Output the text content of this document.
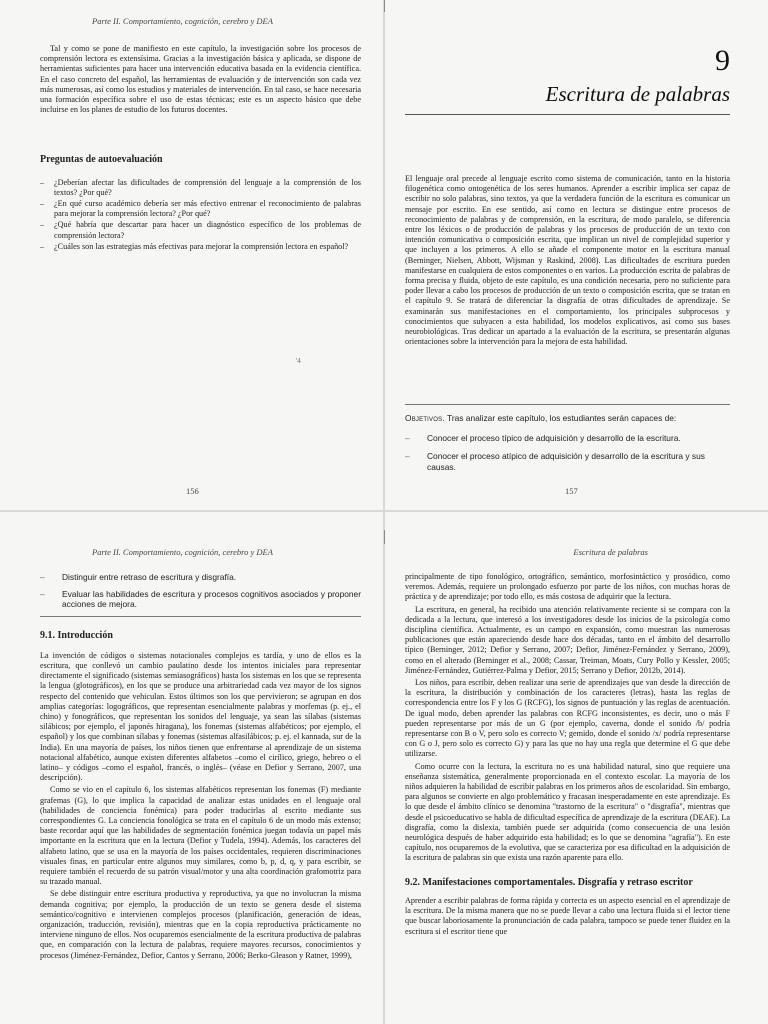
Parte II. Comportamiento, cognición, cerebro y DEA

Tal y como se pone de manifiesto en este capítulo, la investigación sobre los procesos de comprensión lectora es extensísima. Gracias a la investigación básica y aplicada, se dispone de herramientas suficientes para hacer una intervención educativa basada en la evidencia científica. En el caso concreto del español, las herramientas de evaluación y de intervención son cada vez más numerosas, así como los estudios y materiales de intervención. En tal caso, se hace necesaria una formación específica sobre el uso de estas técnicas; este es un aspecto básico que debe incluirse en los planes de estudio de los futuros docentes.

Preguntas de autoevaluación
– ¿Deberían afectar las dificultades de comprensión del lenguaje a la comprensión de los textos? ¿Por qué?
– ¿En qué curso académico debería ser más efectivo entrenar el reconocimiento de palabras para mejorar la comprensión lectora? ¿Por qué?
– ¿Qué habría que descartar para hacer un diagnóstico específico de los problemas de comprensión lectora?
– ¿Cuáles son las estrategias más efectivas para mejorar la comprensión lectora en español?
'4
156
9
Escritura de palabras

El lenguaje oral precede al lenguaje escrito como sistema de comunicación, tanto en la historia filogenética como ontogenética de los seres humanos. Aprender a escribir implica ser capaz de escribir no solo palabras, sino textos, ya que la verdadera función de la escritura es comunicar un mensaje por escrito. En ese sentido, así como en lectura se distingue entre procesos de reconocimiento de palabras y de comprensión, en la escritura, de modo paralelo, se diferencia entre los léxicos o de producción de palabras y los procesos de producción de un texto con intención comunicativa o composición escrita, que implican un nivel de complejidad superior y que incluyen a los primeros. A ello se añade el componente motor en la escritura manual (Berninger, Nielsen, Abbott, Wijsman y Raskind, 2008). Las dificultades de escritura pueden manifestarse en cualquiera de estos componentes o en varios. La producción escrita de palabras de forma precisa y fluida, objeto de este capítulo, es una condición necesaria, pero no suficiente para poder llevar a cabo los procesos de producción de un texto o composición escrita, que se tratan en el capítulo 9. Se tratará de diferenciar la disgrafía de otras dificultades de aprendizaje. Se examinarán sus manifestaciones en el comportamiento, los principales subprocesos y conocimientos que subyacen a esta habilidad, los modelos explicativos, así como sus bases neurobiológicas. Tras dedicar un apartado a la evaluación de la escritura, se presentarán algunas orientaciones sobre la intervención para la mejora de esta habilidad.

Objetivos. Tras analizar este capítulo, los estudiantes serán capaces de:
– Conocer el proceso típico de adquisición y desarrollo de la escritura.
– Conocer el proceso atípico de adquisición y desarrollo de la escritura y sus causas.
157
Parte II. Comportamiento, cognición, cerebro y DEA
– Distinguir entre retraso de escritura y disgrafía.
– Evaluar las habilidades de escritura y procesos cognitivos asociados y proponer acciones de mejora.
9.1. Introducción

La invención de códigos o sistemas notacionales complejos es tardía, y uno de ellos es la escritura, que conllevó un cambio paulatino desde los intentos iniciales para representar directamente el significado (sistemas semiasográficos) hasta los sistemas en los que se representa la lengua (glotográficos), en los que se produce una arbitrariedad cada vez mayor de los signos respecto del contenido que vehiculan. Estos últimos son los que pervivieron; se agrupan en dos amplias categorías: logográficos, que representan esencialmente palabras y morfemas (p. ej., el chino) y fonográficos, que representan los sonidos del lenguaje, ya sean las sílabas (sistemas silábicos; por ejemplo, el japonés hiragana), los fonemas (sistemas alfabéticos; por ejemplo, el español) y los que combinan sílabas y fonemas (sistemas alfasilábicos; p. ej. el kannada, sur de la India). En una mayoría de países, los niños tienen que enfrentarse al aprendizaje de un sistema notacional alfabético, aunque existen diferentes alfabetos –como el cirílico, griego, hebreo o el latino– y códigos –como el español, francés, o inglés– (véase en Defior y Serrano, 2007, una descripción).

Como se vio en el capítulo 6, los sistemas alfabéticos representan los fonemas (F) mediante grafemas (G), lo que implica la capacidad de analizar estas unidades en el lenguaje oral (habilidades de conciencia fonémica) para poder traducirlas al escrito mediante sus correspondientes G. La conciencia fonológica se trata en el capítulo 6 de un modo más extenso; baste recordar aquí que las habilidades de segmentación fonémica juegan todavía un papel más importante en la escritura que en la lectura (Defior y Tudela, 1994). Además, los caracteres del alfabeto latino, que se usa en la mayoría de los países occidentales, requieren discriminaciones visuales finas, en particular entre algunos muy similares, como b, p, d, q, y para escribir, se requiere también el recuerdo de su patrón visual/motor y una alta coordinación grafomotriz para su trazado manual.

Se debe distinguir entre escritura productiva y reproductiva, ya que no involucran la misma demanda cognitiva; por ejemplo, la producción de un texto se genera desde el sistema semántico/cognitivo e intervienen complejos procesos (planificación, generación de ideas, organización, traducción, revisión), mientras que en la copia reproductiva prácticamente no interviene ninguno de ellos. Nos ocuparemos esencialmente de la escritura productiva de palabras que, en comparación con la lectura de palabras, requiere mayores recursos, conocimientos y procesos (Jiménez-Fernández, Defior, Cantos y Serrano, 2006; Berko-Gleason y Ratner, 1999),

Escritura de palabras

principalmente de tipo fonológico, ortográfico, semántico, morfosintáctico y prosódico, como veremos. Además, requiere un prolongado esfuerzo por parte de los niños, con muchas horas de práctica y de aprendizaje; por todo ello, es más costosa de adquirir que la lectura.

La escritura, en general, ha recibido una atención relativamente reciente si se compara con la dedicada a la lectura, que interesó a los investigadores desde los inicios de la psicología como disciplina científica. Actualmente, es un campo en expansión, como muestran las numerosas publicaciones que están apareciendo desde hace dos décadas, tanto en el ámbito del desarrollo típico (Berninger, 2012; Defior y Serrano, 2007; Defior, Jiménez-Fernández y Serrano, 2009), como en el alterado (Berninger et al., 2008; Cassar, Treiman, Moats, Cury Pollo y Kessler, 2005; Jiménez-Fernández, Gutiérrez-Palma y Defior, 2015; Serrano y Defior, 2012b, 2014).

Los niños, para escribir, deben realizar una serie de aprendizajes que van desde la dirección de la escritura, la distribución y combinación de los caracteres (letras), hasta las reglas de correspondencia entre los F y los G (RCFG), los signos de puntuación y las reglas de acentuación. De igual modo, deben aprender las palabras con RCFG inconsistentes, es decir, uno o más F pueden representarse por más de un G (por ejemplo, caverna, donde el sonido /b/ podría representarse con B o V, pero solo es correcto V; gemido, donde el sonido /x/ podría representarse con G o J, pero solo es correcto G) y para las que no hay una regla que determine el G que debe utilizarse.

Como ocurre con la lectura, la escritura no es una habilidad natural, sino que requiere una enseñanza sistemática, generalmente proporcionada en el contexto escolar. La mayoría de los niños adquieren la habilidad de escribir palabras en los primeros años de escolaridad. Sin embargo, para algunos se convierte en algo problemático y fracasan inesperadamente en este aprendizaje. Es lo que desde el ámbito clínico se denomina "trastorno de la escritura" o "disgrafía", mientras que desde el psicoeducativo se habla de dificultad específica de aprendizaje de la escritura (DEAE). La disgrafía, como la dislexia, también puede ser adquirida (como consecuencia de una lesión neurológica después de haber adquirido esta habilidad; es lo que se denomina "agrafía"). En este capítulo, nos ocuparemos de la evolutiva, que se caracteriza por esa dificultad en la adquisición de la escritura de palabras sin que exista una razón aparente para ello.

9.2. Manifestaciones comportamentales. Disgrafía y retraso escritor

Aprender a escribir palabras de forma rápida y correcta es un aspecto esencial en el aprendizaje de la escritura. De la misma manera que no se puede llevar a cabo una lectura fluida si el lector tiene que buscar laboriosamente la pronunciación de cada palabra, tampoco se puede tener fluidez en la escritura si el escritor tiene que
